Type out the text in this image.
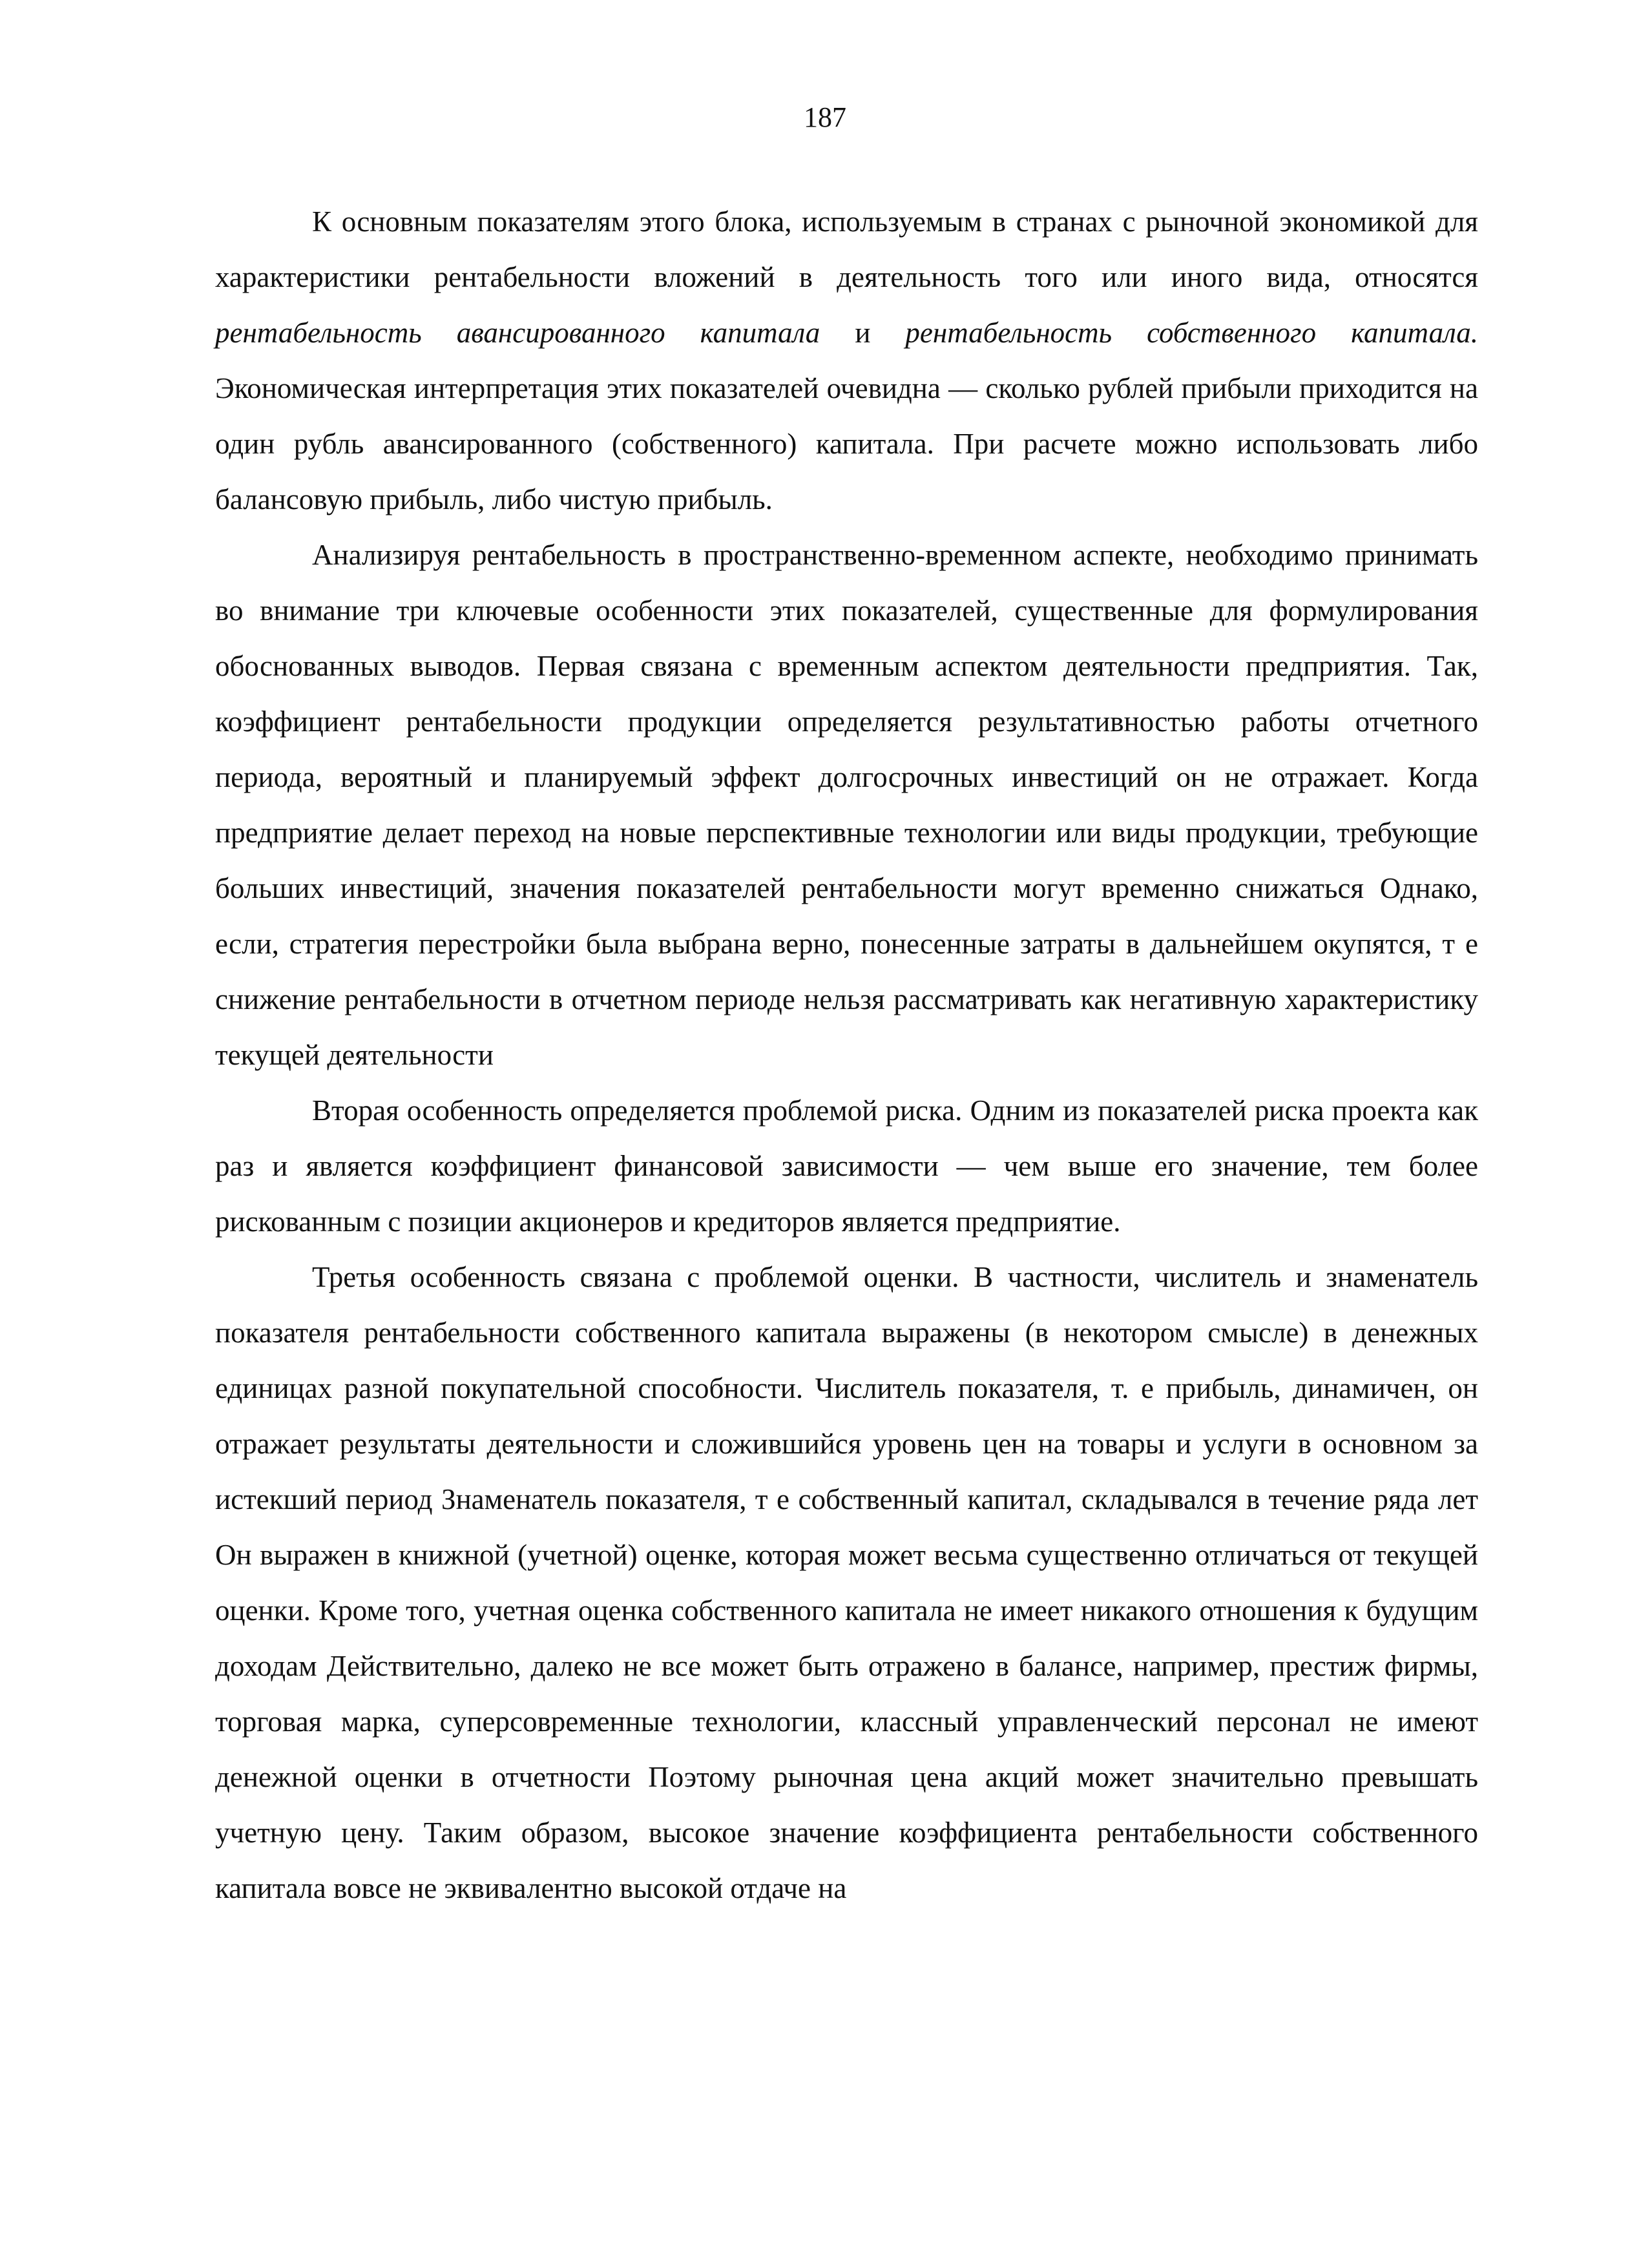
187

К основным показателям этого блока, используемым в странах с рыночной экономикой для характеристики рентабельности вложений в деятельность того или иного вида, относятся рентабельность авансированного капитала и рентабельность собственного капитала. Экономическая интерпретация этих показателей очевидна — сколько рублей прибыли приходится на один рубль авансированного (собственного) капитала. При расчете можно использовать либо балансовую прибыль, либо чистую прибыль.

Анализируя рентабельность в пространственно-временном аспекте, необходимо принимать во внимание три ключевые особенности этих показателей, существенные для формулирования обоснованных выводов. Первая связана с временным аспектом деятельности предприятия. Так, коэффициент рентабельности продукции определяется результативностью работы отчетного периода, вероятный и планируемый эффект долгосрочных инвестиций он не отражает. Когда предприятие делает переход на новые перспективные технологии или виды продукции, требующие больших инвестиций, значения показателей рентабельности могут временно снижаться Однако, если, стратегия перестройки была выбрана верно, понесенные затраты в дальнейшем окупятся, т е снижение рентабельности в отчетном периоде нельзя рассматривать как негативную характеристику текущей деятельности

Вторая особенность определяется проблемой риска. Одним из показателей риска проекта как раз и является коэффициент финансовой зависимости — чем выше его значение, тем более рискованным с позиции акционеров и кредиторов является предприятие.

Третья особенность связана с проблемой оценки. В частности, числитель и знаменатель показателя рентабельности собственного капитала выражены (в некотором смысле) в денежных единицах разной покупательной способности. Числитель показателя, т. е прибыль, динамичен, он отражает результаты деятельности и сложившийся уровень цен на товары и услуги в основном за истекший период Знаменатель показателя, т е собственный капитал, складывался в течение ряда лет Он выражен в книжной (учетной) оценке, которая может весьма существенно отличаться от текущей оценки. Кроме того, учетная оценка собственного капитала не имеет никакого отношения к будущим доходам Действительно, далеко не все может быть отражено в балансе, например, престиж фирмы, торговая марка, суперсовременные технологии, классный управленческий персонал не имеют денежной оценки в отчетности Поэтому рыночная цена акций может значительно превышать учетную цену. Таким образом, высокое значение коэффициента рентабельности собственного капитала вовсе не эквивалентно высокой отдаче на
